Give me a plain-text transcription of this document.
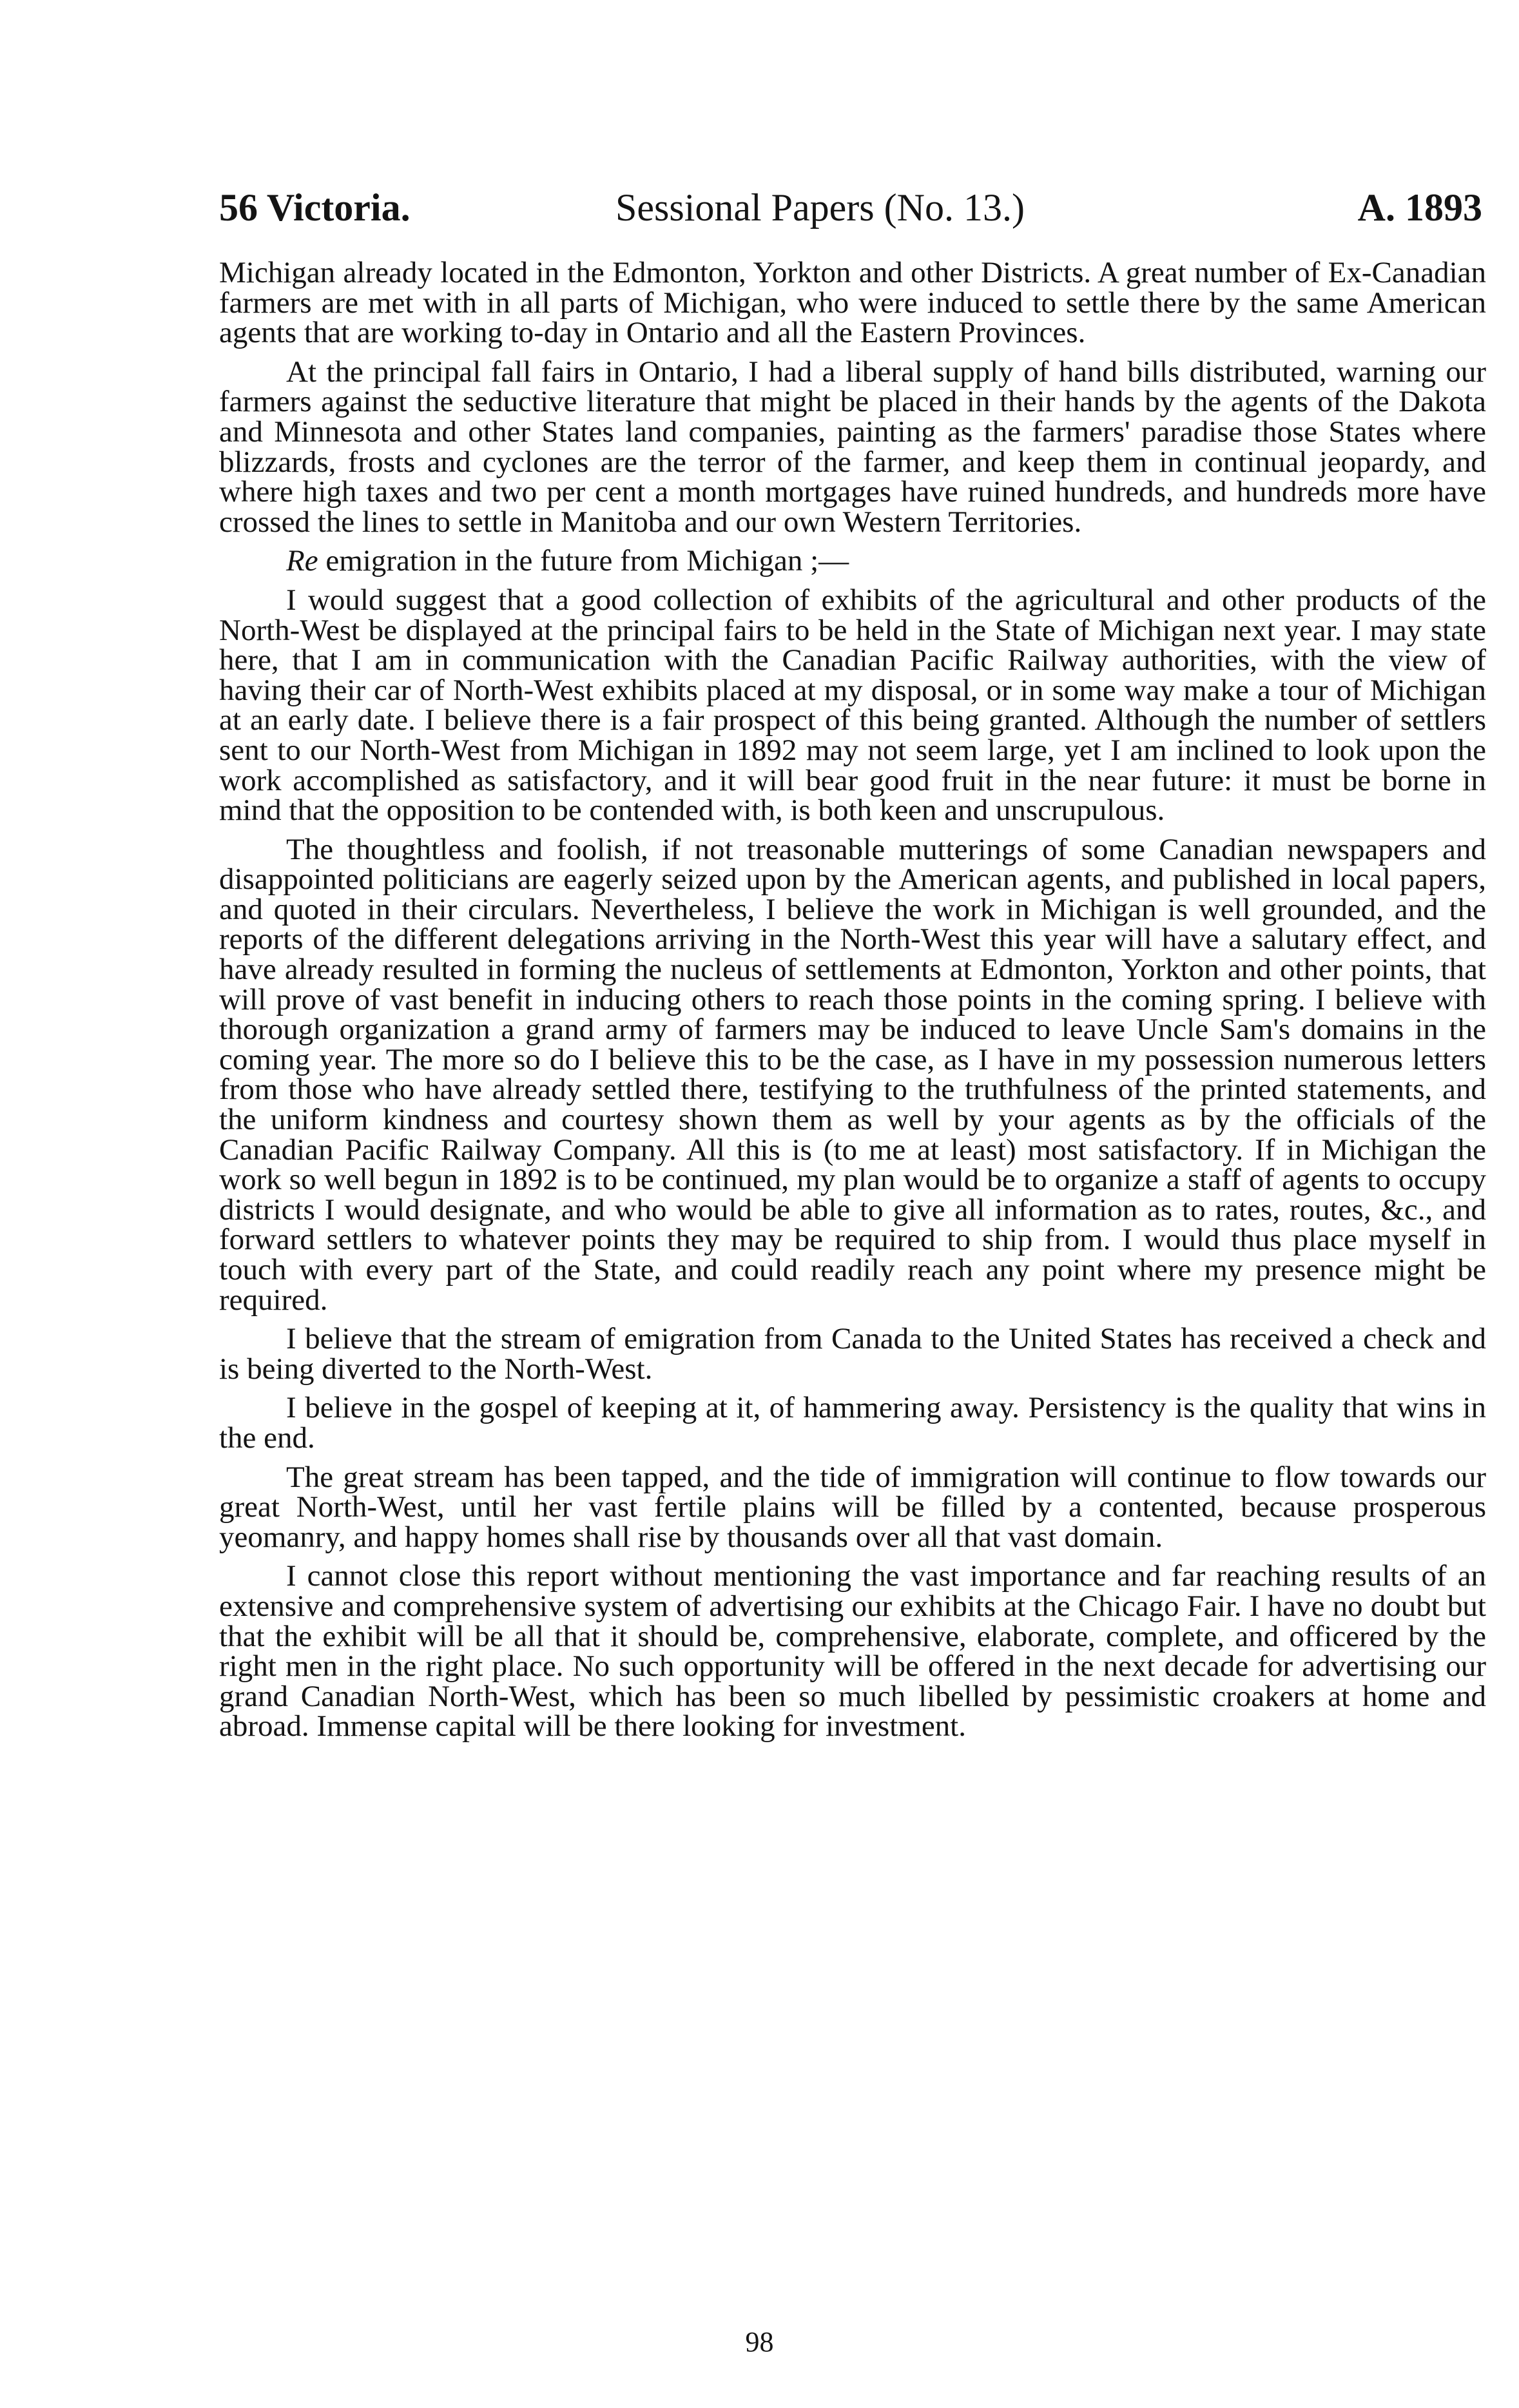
56 Victoria.	Sessional Papers (No. 13.)	A. 1893

Michigan already located in the Edmonton, Yorkton and other Districts. A great number of Ex-Canadian farmers are met with in all parts of Michigan, who were induced to settle there by the same American agents that are working to-day in Ontario and all the Eastern Provinces.

At the principal fall fairs in Ontario, I had a liberal supply of hand bills distributed, warning our farmers against the seductive literature that might be placed in their hands by the agents of the Dakota and Minnesota and other States land companies, painting as the farmers' paradise those States where blizzards, frosts and cyclones are the terror of the farmer, and keep them in continual jeopardy, and where high taxes and two per cent a month mortgages have ruined hundreds, and hundreds more have crossed the lines to settle in Manitoba and our own Western Territories.

Re emigration in the future from Michigan ;—

I would suggest that a good collection of exhibits of the agricultural and other products of the North-West be displayed at the principal fairs to be held in the State of Michigan next year. I may state here, that I am in communication with the Canadian Pacific Railway authorities, with the view of having their car of North-West exhibits placed at my disposal, or in some way make a tour of Michigan at an early date. I believe there is a fair prospect of this being granted. Although the number of settlers sent to our North-West from Michigan in 1892 may not seem large, yet I am inclined to look upon the work accomplished as satisfactory, and it will bear good fruit in the near future: it must be borne in mind that the opposition to be contended with, is both keen and unscrupulous.

The thoughtless and foolish, if not treasonable mutterings of some Canadian newspapers and disappointed politicians are eagerly seized upon by the American agents, and published in local papers, and quoted in their circulars. Nevertheless, I believe the work in Michigan is well grounded, and the reports of the different delegations arriving in the North-West this year will have a salutary effect, and have already resulted in forming the nucleus of settlements at Edmonton, Yorkton and other points, that will prove of vast benefit in inducing others to reach those points in the coming spring. I believe with thorough organization a grand army of farmers may be induced to leave Uncle Sam's domains in the coming year. The more so do I believe this to be the case, as I have in my possession numerous letters from those who have already settled there, testifying to the truthfulness of the printed statements, and the uniform kindness and courtesy shown them as well by your agents as by the officials of the Canadian Pacific Railway Company. All this is (to me at least) most satisfactory. If in Michigan the work so well begun in 1892 is to be continued, my plan would be to organize a staff of agents to occupy districts I would designate, and who would be able to give all information as to rates, routes, &c., and forward settlers to whatever points they may be required to ship from. I would thus place myself in touch with every part of the State, and could readily reach any point where my presence might be required.

I believe that the stream of emigration from Canada to the United States has received a check and is being diverted to the North-West.

I believe in the gospel of keeping at it, of hammering away. Persistency is the quality that wins in the end.

The great stream has been tapped, and the tide of immigration will continue to flow towards our great North-West, until her vast fertile plains will be filled by a contented, because prosperous yeomanry, and happy homes shall rise by thousands over all that vast domain.

I cannot close this report without mentioning the vast importance and far reaching results of an extensive and comprehensive system of advertising our exhibits at the Chicago Fair. I have no doubt but that the exhibit will be all that it should be, comprehensive, elaborate, complete, and officered by the right men in the right place. No such opportunity will be offered in the next decade for advertising our grand Canadian North-West, which has been so much libelled by pessimistic croakers at home and abroad. Immense capital will be there looking for investment.

98
